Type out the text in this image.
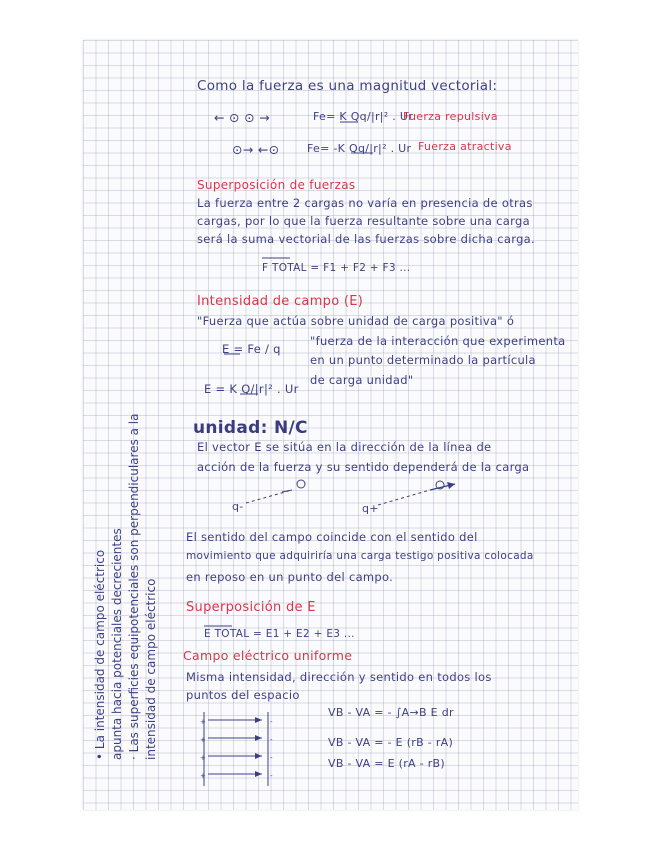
+
+
+
+
-
-
-
-
Como la fuerza es una magnitud vectorial:
← ⊙ ⊙ →	Fe= K Qq/|r|² . Ur
Fuerza repulsiva
⊙→ ←⊙	Fe= -K Qq/|r|² . Ur Fuerza atractiva
Superposición de fuerzas
La fuerza entre 2 cargas no varía en presencia de otras
cargas, por lo que la fuerza resultante sobre una carga
será la suma vectorial de las fuerzas sobre dicha carga.
F TOTAL = F1 + F2 + F3 ...
Intensidad de campo (E)
"Fuerza que actúa sobre unidad de carga positiva" ó
E = Fe / q
"fuerza de la interacción que experimenta
en un punto determinado la partícula
de carga unidad"
E = K Q/|r|² . Ur
unidad: N/C
El vector E se sitúa en la dirección de la línea de
acción de la fuerza y su sentido dependerá de la carga
q-	q+
El sentido del campo coincide con el sentido del
movimiento que adquiriría una carga testigo positiva colocada
en reposo en un punto del campo.
Superposición de E
E TOTAL = E1 + E2 + E3 ...
Campo eléctrico uniforme
Misma intensidad, dirección y sentido en todos los
puntos del espacio
VB - VA = - ∫A→B E dr
VB - VA = - E (rB - rA)
VB - VA = E (rA - rB)
• La intensidad de campo eléctrico apunta hacia potenciales decrecientes · Las superficies equipotenciales son perpendiculares a la intensidad de campo eléctrico
